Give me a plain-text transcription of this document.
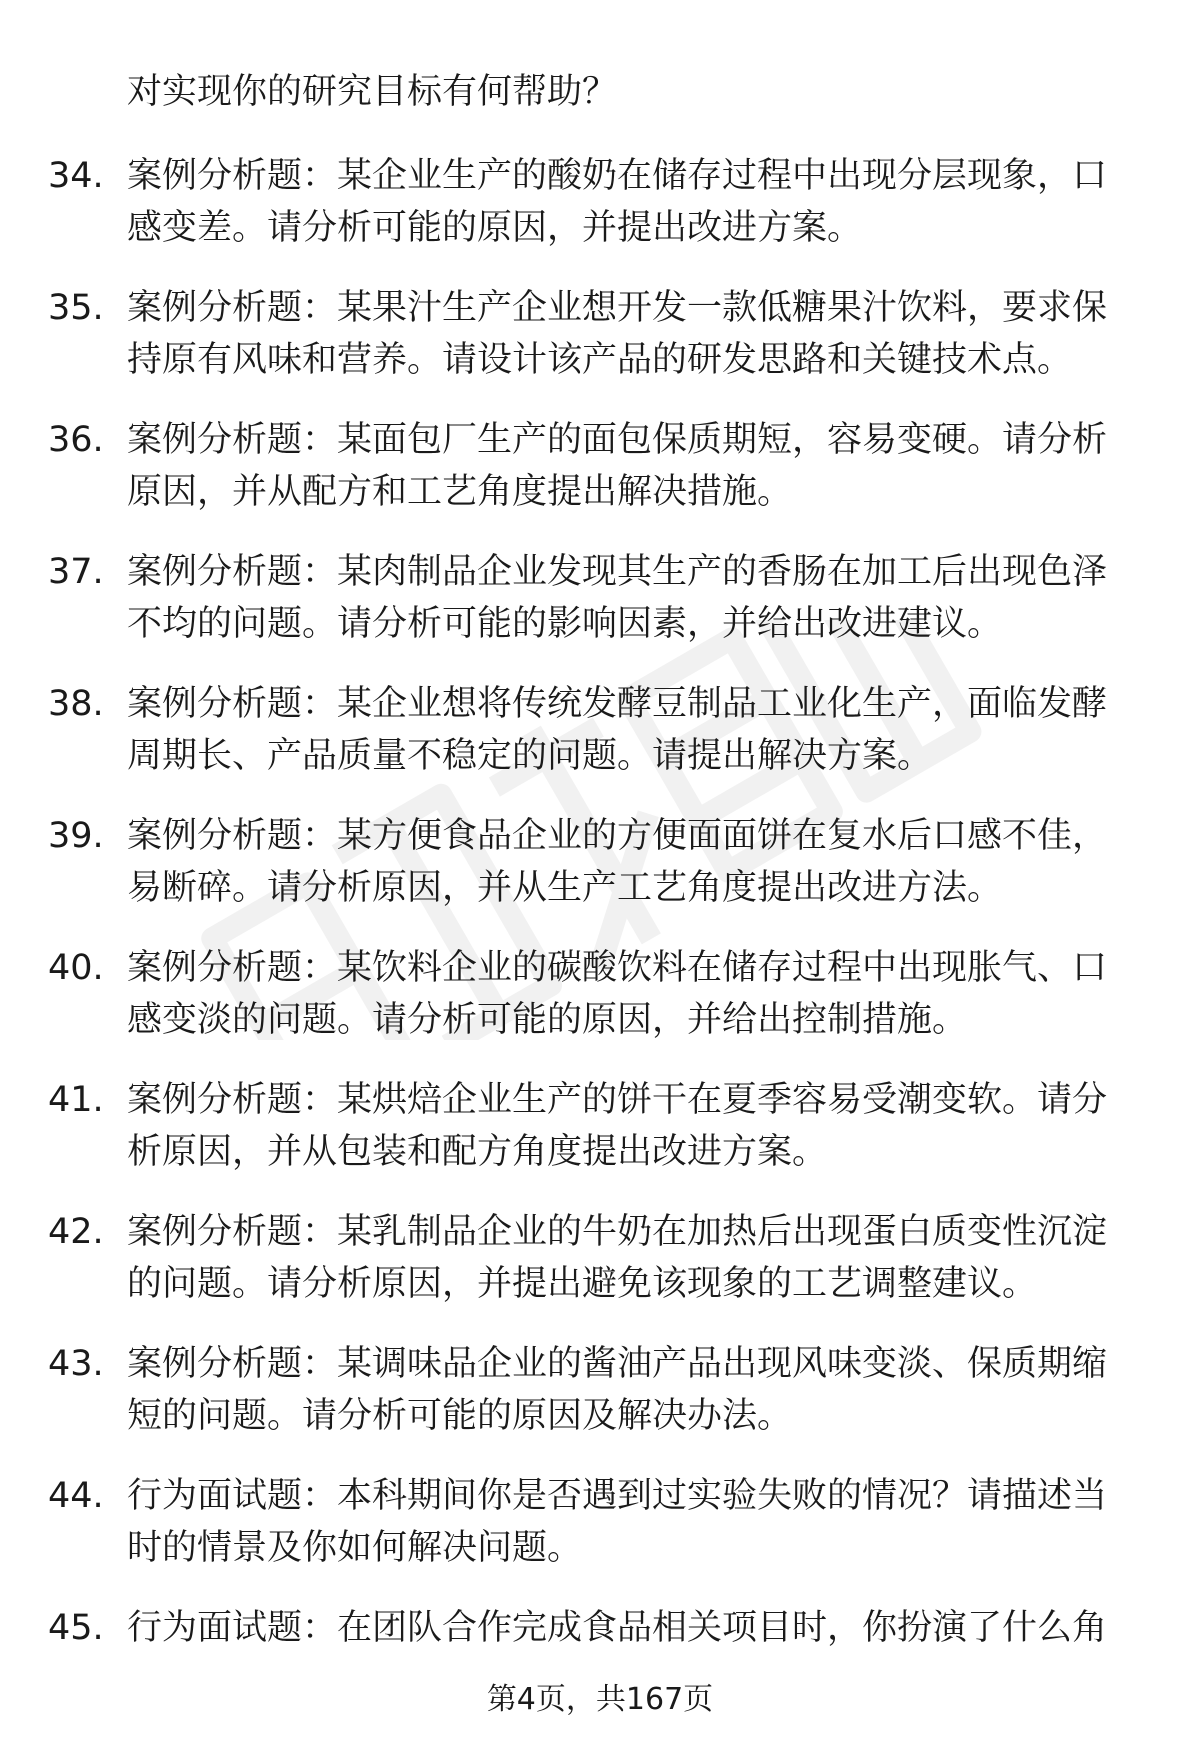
对实现你的研究目标有何帮助？
34. 案例分析题：某企业生产的酸奶在储存过程中出现分层现象，口
感变差。请分析可能的原因，并提出改进方案。
35. 案例分析题：某果汁生产企业想开发一款低糖果汁饮料，要求保
持原有风味和营养。请设计该产品的研发思路和关键技术点。
36. 案例分析题：某面包厂生产的面包保质期短，容易变硬。请分析
原因，并从配方和工艺角度提出解决措施。
37. 案例分析题：某肉制品企业发现其生产的香肠在加工后出现色泽
不均的问题。请分析可能的影响因素，并给出改进建议。
38. 案例分析题：某企业想将传统发酵豆制品工业化生产，面临发酵
周期长、产品质量不稳定的问题。请提出解决方案。
39. 案例分析题：某方便食品企业的方便面面饼在复水后口感不佳，
易断碎。请分析原因，并从生产工艺角度提出改进方法。
40. 案例分析题：某饮料企业的碳酸饮料在储存过程中出现胀气、口
感变淡的问题。请分析可能的原因，并给出控制措施。
41. 案例分析题：某烘焙企业生产的饼干在夏季容易受潮变软。请分
析原因，并从包装和配方角度提出改进方案。
42. 案例分析题：某乳制品企业的牛奶在加热后出现蛋白质变性沉淀
的问题。请分析原因，并提出避免该现象的工艺调整建议。
43. 案例分析题：某调味品企业的酱油产品出现风味变淡、保质期缩
短的问题。请分析可能的原因及解决办法。
44. 行为面试题：本科期间你是否遇到过实验失败的情况？请描述当
时的情景及你如何解决问题。
45. 行为面试题：在团队合作完成食品相关项目时，你扮演了什么角
第4页，共167页
